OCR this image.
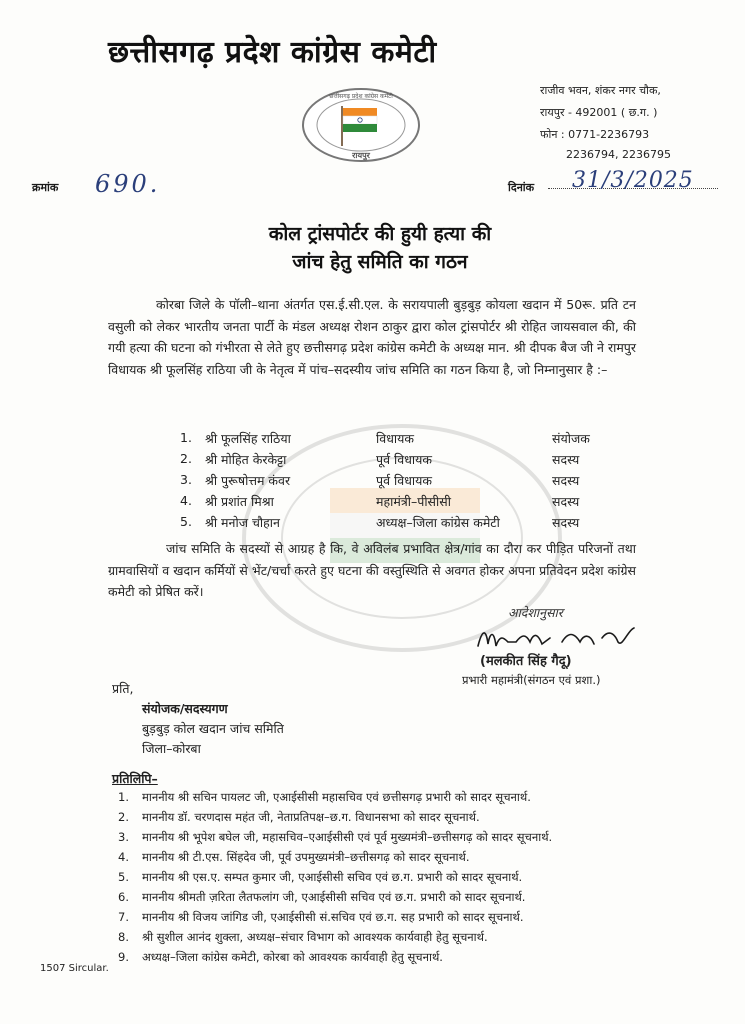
छत्तीसगढ़ प्रदेश कांग्रेस कमेटी
राजीव भवन, शंकर नगर चौक,
रायपुर - 492001 ( छ.ग. )
फोन : 0771-2236793
2236794, 2236795
छत्तीसगढ़ प्रदेश कांग्रेस कमेटी
रायपुर
क्रमांक 690.	दिनांक 31/3/2025
कोल ट्रांसपोर्टर की हुयी हत्या की
जांच हेतु समिति का गठन
कोरबा जिले के पॉली–थाना अंतर्गत एस.ई.सी.एल. के सरायपाली बुड़बुड़ कोयला खदान में 50रू. प्रति टन वसुली को लेकर भारतीय जनता पार्टी के मंडल अध्यक्ष रोशन ठाकुर द्वारा कोल ट्रांसपोर्टर श्री रोहित जायसवाल की, की गयी हत्या की घटना को गंभीरता से लेते हुए छत्तीसगढ़ प्रदेश कांग्रेस कमेटी के अध्यक्ष मान. श्री दीपक बैज जी ने रामपुर विधायक श्री फूलसिंह राठिया जी के नेतृत्व में पांच–सदस्यीय जांच समिति का गठन किया है, जो निम्नानुसार है :–
1. श्री फूलसिंह राठिया	विधायक	संयोजक
2. श्री मोहित केरकेट्टा	पूर्व विधायक	सदस्य
3. श्री पुरूषोत्तम कंवर	पूर्व विधायक	सदस्य
4. श्री प्रशांत मिश्रा	महामंत्री–पीसीसी	सदस्य
5. श्री मनोज चौहान	अध्यक्ष–जिला कांग्रेस कमेटी	सदस्य
जांच समिति के सदस्यों से आग्रह है कि, वे अविलंब प्रभावित क्षेत्र/गांव का दौरा कर पीड़ित परिजनों तथा ग्रामवासियों व खदान कर्मियों से भेंट/चर्चा करते हुए घटना की वस्तुस्थिति से अवगत होकर अपना प्रतिवेदन प्रदेश कांग्रेस कमेटी को प्रेषित करें।
आदेशानुसार
Malkeet Singh
(मलकीत सिंह गैदू)
प्रभारी महामंत्री(संगठन एवं प्रशा.)
प्रति,
संयोजक/सदस्यगण
बुड़बुड़ कोल खदान जांच समिति
जिला–कोरबा
प्रतिलिपि–
1. माननीय श्री सचिन पायलट जी, एआईसीसी महासचिव एवं छत्तीसगढ़ प्रभारी को सादर सूचनार्थ.
2. माननीय डॉ. चरणदास महंत जी, नेताप्रतिपक्ष–छ.ग. विधानसभा को सादर सूचनार्थ.
3. माननीय श्री भूपेश बघेल जी, महासचिव–एआईसीसी एवं पूर्व मुख्यमंत्री–छत्तीसगढ़ को सादर सूचनार्थ.
4. माननीय श्री टी.एस. सिंहदेव जी, पूर्व उपमुख्यमंत्री–छत्तीसगढ़ को सादर सूचनार्थ.
5. माननीय श्री एस.ए. सम्पत कुमार जी, एआईसीसी सचिव एवं छ.ग. प्रभारी को सादर सूचनार्थ.
6. माननीय श्रीमती ज़रिता लैतफलांग जी, एआईसीसी सचिव एवं छ.ग. प्रभारी को सादर सूचनार्थ.
7. माननीय श्री विजय जांगिड जी, एआईसीसी सं.सचिव एवं छ.ग. सह प्रभारी को सादर सूचनार्थ.
8. श्री सुशील आनंद शुक्ला, अध्यक्ष–संचार विभाग को आवश्यक कार्यवाही हेतु सूचनार्थ.
9. अध्यक्ष–जिला कांग्रेस कमेटी, कोरबा को आवश्यक कार्यवाही हेतु सूचनार्थ.
1507 Sircular.
